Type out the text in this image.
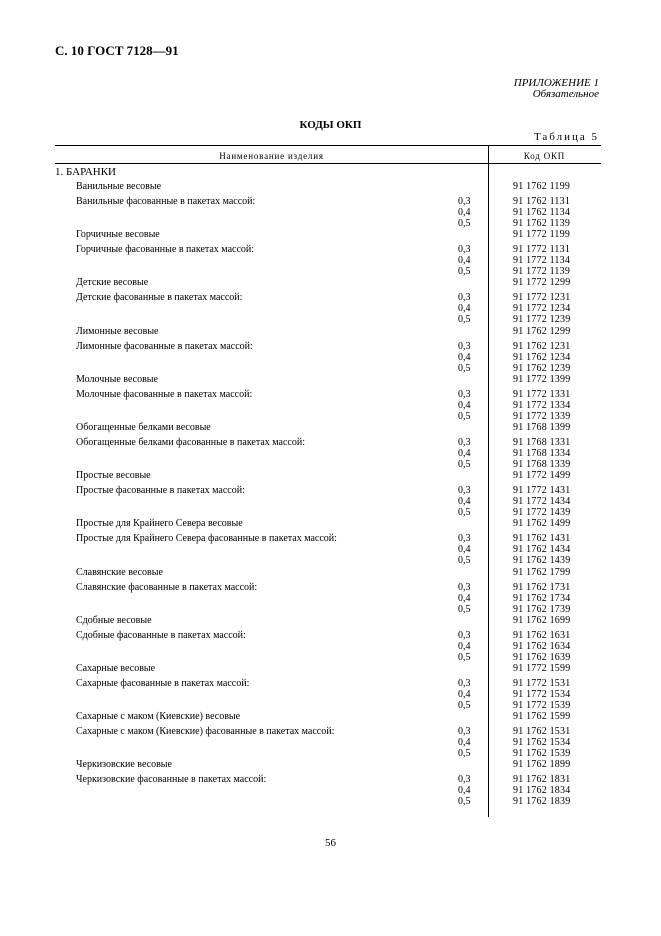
С. 10 ГОСТ 7128—91
ПРИЛОЖЕНИЕ 1
Обязательное
КОДЫ ОКП
Таблица 5
Наименование изделия	Код ОКП
1. БАРАНКИ
Ванильные весовые	91 1762 1199
Ванильные фасованные в пакетах массой:	0,3	91 1762 1131
0,4	91 1762 1134
0,5	91 1762 1139
Горчичные весовые	91 1772 1199
Горчичные фасованные в пакетах массой:	0,3	91 1772 1131
0,4	91 1772 1134
0,5	91 1772 1139
Детские весовые	91 1772 1299
Детские фасованные в пакетах массой:	0,3	91 1772 1231
0,4	91 1772 1234
0,5	91 1772 1239
Лимонные весовые	91 1762 1299
Лимонные фасованные в пакетах массой:	0,3	91 1762 1231
0,4	91 1762 1234
0,5	91 1762 1239
Молочные весовые	91 1772 1399
Молочные фасованные в пакетах массой:	0,3	91 1772 1331
0,4	91 1772 1334
0,5	91 1772 1339
Обогащенные белками весовые	91 1768 1399
Обогащенные белками фасованные в пакетах массой:	0,3	91 1768 1331
0,4	91 1768 1334
0,5	91 1768 1339
Простые весовые	91 1772 1499
Простые фасованные в пакетах массой:	0,3	91 1772 1431
0,4	91 1772 1434
0,5	91 1772 1439
Простые для Крайнего Севера весовые	91 1762 1499
Простые для Крайнего Севера фасованные в пакетах массой:	0,3	91 1762 1431
0,4	91 1762 1434
0,5	91 1762 1439
Славянские весовые	91 1762 1799
Славянские фасованные в пакетах массой:	0,3	91 1762 1731
0,4	91 1762 1734
0,5	91 1762 1739
Сдобные весовые	91 1762 1699
Сдобные фасованные в пакетах массой:	0,3	91 1762 1631
0,4	91 1762 1634
0,5	91 1762 1639
Сахарные весовые	91 1772 1599
Сахарные фасованные в пакетах массой:	0,3	91 1772 1531
0,4	91 1772 1534
0,5	91 1772 1539
Сахарные с маком (Киевские) весовые	91 1762 1599
Сахарные с маком (Киевские) фасованные в пакетах массой:	0,3	91 1762 1531
0,4	91 1762 1534
0,5	91 1762 1539
Черкизовские весовые	91 1762 1899
Черкизовские фасованные в пакетах массой:	0,3	91 1762 1831
0,4	91 1762 1834
0,5	91 1762 1839
56
